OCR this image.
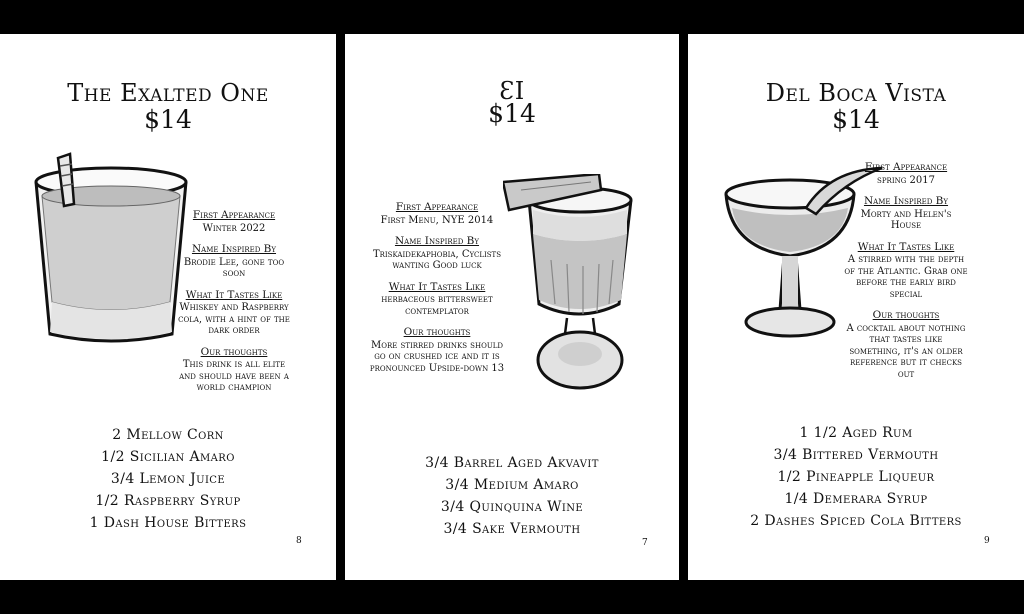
The Exalted One
$14
First Appearance
Winter 2022
Name Inspired By
Brodie Lee, gone too soon
What It Tastes Like
Whiskey and Raspberry cola, with a hint of the dark order
Our thoughts
This drink is all elite and should have been a world champion
2 Mellow Corn
1/2 Sicilian Amaro
3/4 Lemon Juice
1/2 Raspberry Syrup
1 Dash House Bitters
8
ƐI
$14
First Appearance
First Menu, NYE 2014
Name Inspired By
Triskaidekaphobia, Cyclists wanting Good luck
What It Tastes Like
herbaceous bittersweet contemplator
Our thoughts
More stirred drinks should go on crushed ice and it is pronounced Upside-down 13
3/4 Barrel Aged Akvavit
3/4 Medium Amaro
3/4 Quinquina Wine
3/4 Sake Vermouth
7
Del Boca Vista
$14
First Appearance
spring 2017
Name Inspired By
Morty and Helen's House
What It Tastes Like
A stirred with the depth of the Atlantic. Grab one before the early bird special
Our thoughts
A cocktail about nothing that tastes like something, it's an older reference but it checks out
1 1/2 Aged Rum
3/4 Bittered Vermouth
1/2 Pineapple Liqueur
1/4 Demerara Syrup
2 Dashes Spiced Cola Bitters
9
